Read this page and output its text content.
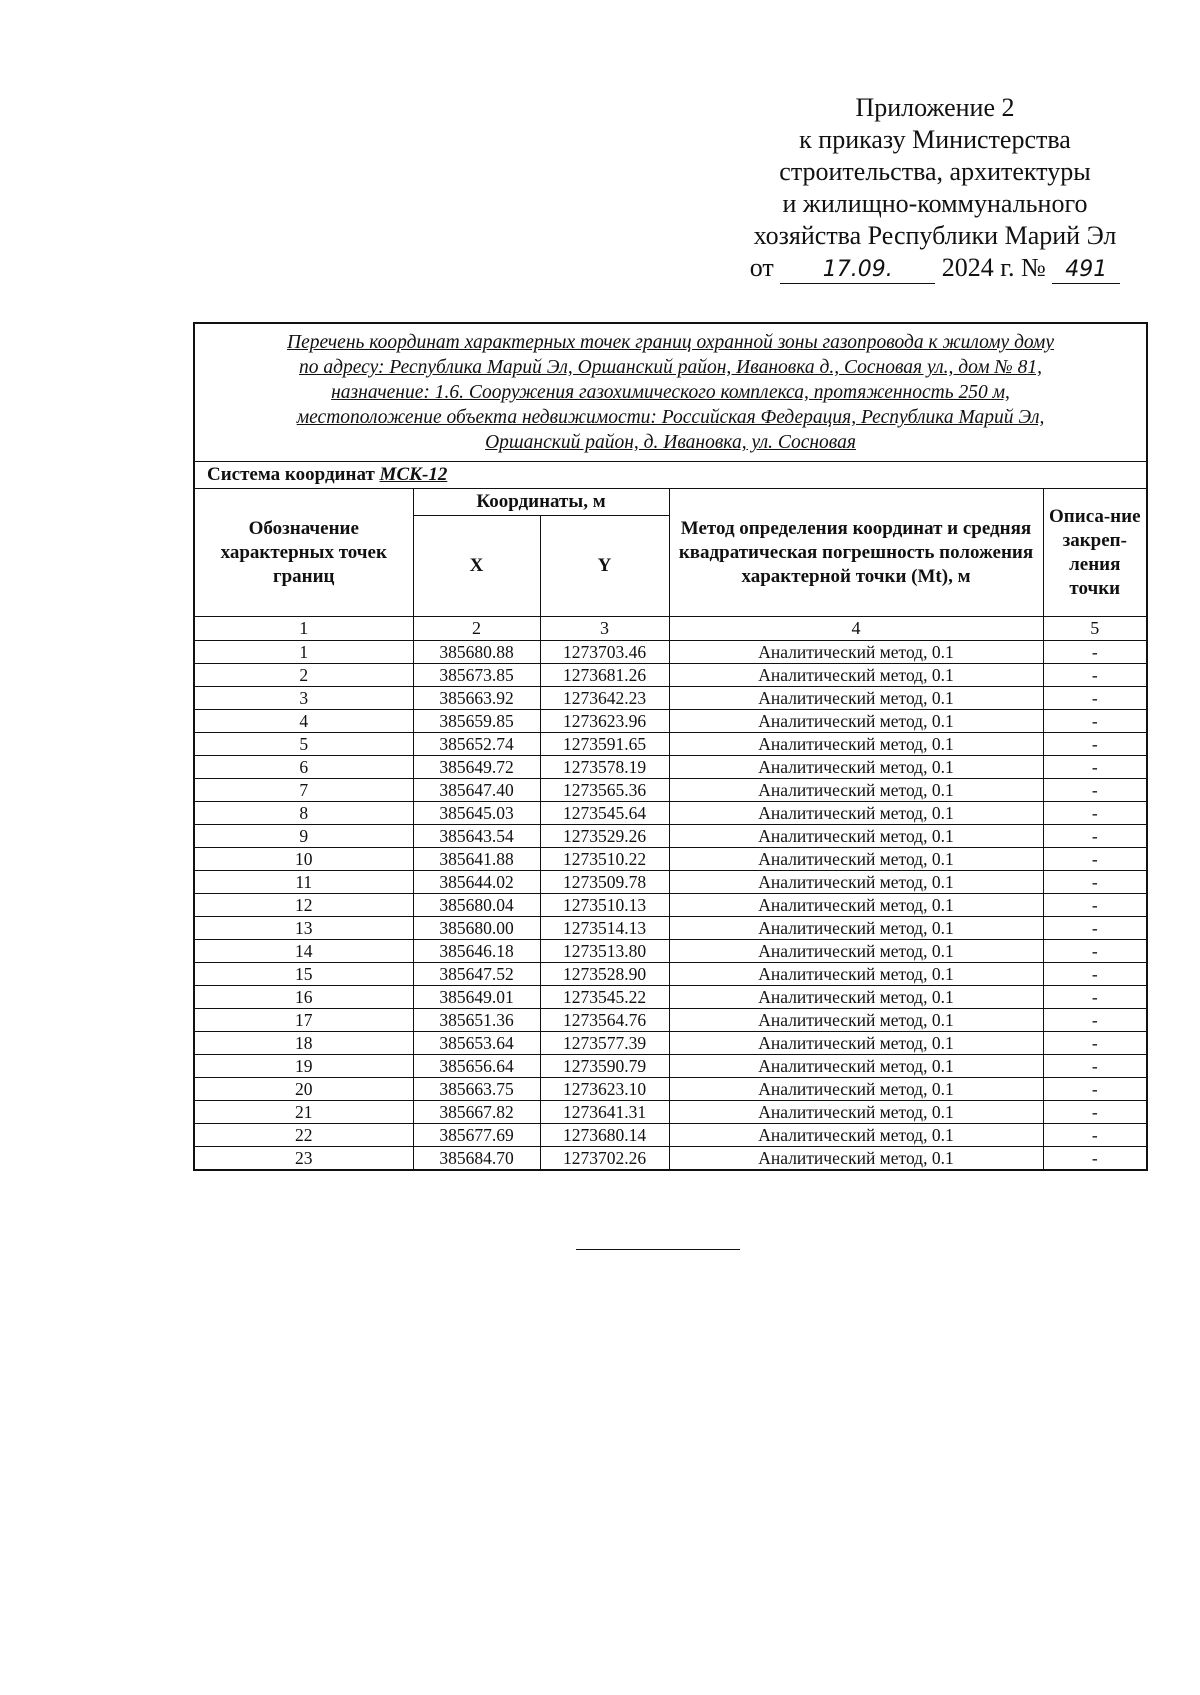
Приложение 2
к приказу Министерства
строительства, архитектуры
и жилищно-коммунального
хозяйства Республики Марий Эл
от 17.09. 2024 г. № 491
Перечень координат характерных точек границ охранной зоны газопровода к жилому дому
по адресу: Республика Марий Эл, Оршанский район, Ивановка д., Сосновая ул., дом № 81,
назначение: 1.6. Сооружения газохимического комплекса, протяженность 250 м,
местоположение объекта недвижимости: Российская Федерация, Республика Марий Эл,
Оршанский район, д. Ивановка, ул. Сосновая				

Система координат МСК-12				
Обозначение характерных точек границ	Координаты, м		Метод определения координат и средняя квадратическая погрешность положения характерной точки (Mt), м	Описа-ние закреп-ления точки
	X	Y		
1	2	3	4	5
1	385680.88	1273703.46	Аналитический метод, 0.1	-
2	385673.85	1273681.26	Аналитический метод, 0.1	-
3	385663.92	1273642.23	Аналитический метод, 0.1	-
4	385659.85	1273623.96	Аналитический метод, 0.1	-
5	385652.74	1273591.65	Аналитический метод, 0.1	-
6	385649.72	1273578.19	Аналитический метод, 0.1	-
7	385647.40	1273565.36	Аналитический метод, 0.1	-
8	385645.03	1273545.64	Аналитический метод, 0.1	-
9	385643.54	1273529.26	Аналитический метод, 0.1	-
10	385641.88	1273510.22	Аналитический метод, 0.1	-
11	385644.02	1273509.78	Аналитический метод, 0.1	-
12	385680.04	1273510.13	Аналитический метод, 0.1	-
13	385680.00	1273514.13	Аналитический метод, 0.1	-
14	385646.18	1273513.80	Аналитический метод, 0.1	-
15	385647.52	1273528.90	Аналитический метод, 0.1	-
16	385649.01	1273545.22	Аналитический метод, 0.1	-
17	385651.36	1273564.76	Аналитический метод, 0.1	-
18	385653.64	1273577.39	Аналитический метод, 0.1	-
19	385656.64	1273590.79	Аналитический метод, 0.1	-
20	385663.75	1273623.10	Аналитический метод, 0.1	-
21	385667.82	1273641.31	Аналитический метод, 0.1	-
22	385677.69	1273680.14	Аналитический метод, 0.1	-
23	385684.70	1273702.26	Аналитический метод, 0.1	-
